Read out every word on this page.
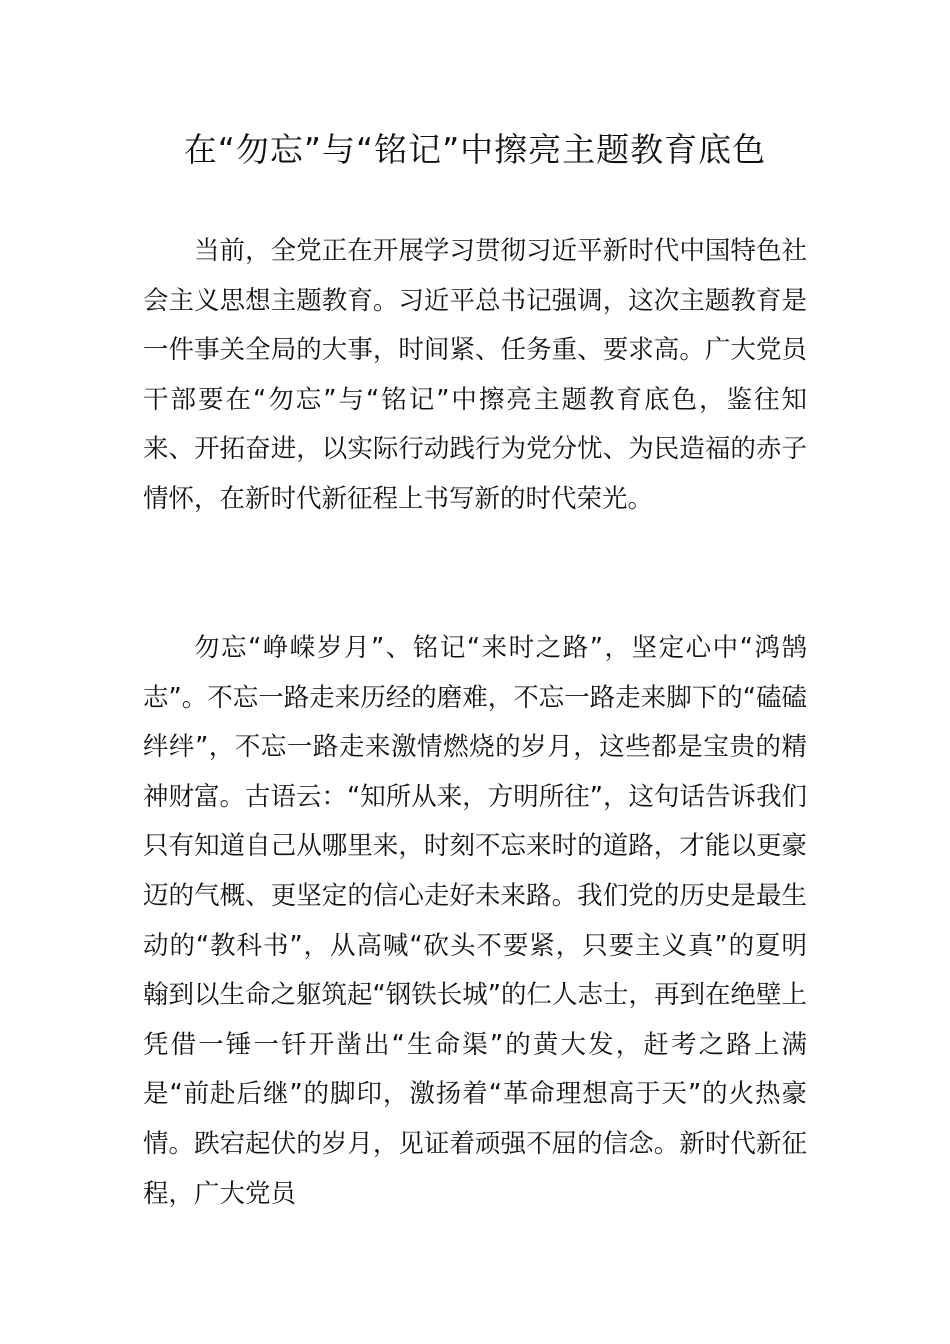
在“勿忘”与“铭记”中擦亮主题教育底色

当前，全党正在开展学习贯彻习近平新时代中国特色社会主义思想主题教育。习近平总书记强调，这次主题教育是一件事关全局的大事，时间紧、任务重、要求高。广大党员干部要在“勿忘”与“铭记”中擦亮主题教育底色，鉴往知来、开拓奋进，以实际行动践行为党分忧、为民造福的赤子情怀，在新时代新征程上书写新的时代荣光。

勿忘“峥嵘岁月”、铭记“来时之路”，坚定心中“鸿鹄志”。不忘一路走来历经的磨难，不忘一路走来脚下的“磕磕绊绊”，不忘一路走来激情燃烧的岁月，这些都是宝贵的精神财富。古语云：“知所从来，方明所往”，这句话告诉我们只有知道自己从哪里来，时刻不忘来时的道路，才能以更豪迈的气概、更坚定的信心走好未来路。我们党的历史是最生动的“教科书”，从高喊“砍头不要紧，只要主义真”的夏明翰到以生命之躯筑起“钢铁长城”的仁人志士，再到在绝壁上凭借一锤一钎开凿出“生命渠”的黄大发，赶考之路上满是“前赴后继”的脚印，激扬着“革命理想高于天”的火热豪情。跌宕起伏的岁月，见证着顽强不屈的信念。新时代新征程，广大党员
